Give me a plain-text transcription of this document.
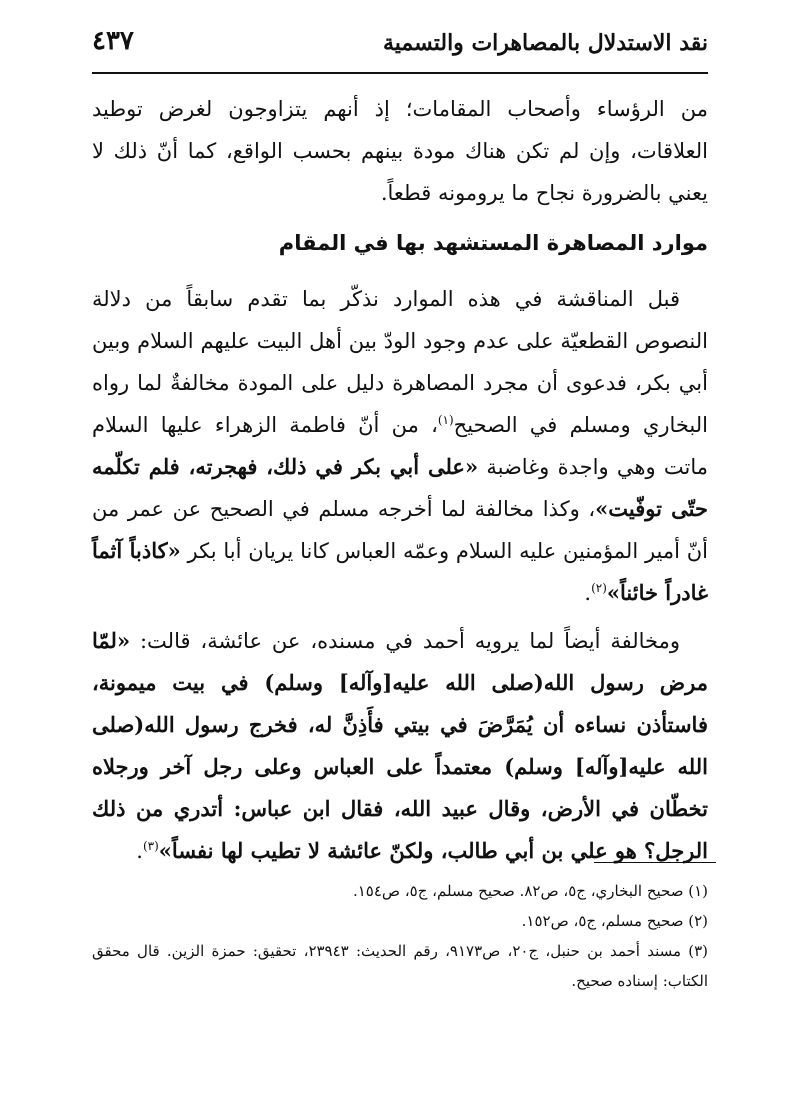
نقد الاستدلال بالمصاهرات والتسمية
٤٣٧

من الرؤساء وأصحاب المقامات؛ إذ أنهم يتزاوجون لغرض توطيد العلاقات، وإن لم تكن هناك مودة بينهم بحسب الواقع، كما أنّ ذلك لا يعني بالضرورة نجاح ما يرومونه قطعاً.

موارد المصاهرة المستشهد بها في المقام

قبل المناقشة في هذه الموارد نذكّر بما تقدم سابقاً من دلالة النصوص القطعيّة على عدم وجود الودّ بين أهل البيت عليهم السلام وبين أبي بكر، فدعوى أن مجرد المصاهرة دليل على المودة مخالفةٌ لما رواه البخاري ومسلم في الصحيح$^{(١)}$، من أنّ فاطمة الزهراء عليها السلام ماتت وهي واجدة وغاضبة «على أبي بكر في ذلك، فهجرته، فلم تكلّمه حتّى توفّيت»، وكذا مخالفة لما أخرجه مسلم في الصحيح عن عمر من أنّ أمير المؤمنين عليه السلام وعمّه العباس كانا يريان أبا بكر «كاذباً آثماً غادراً خائناً»$^{(٢)}$.

ومخالفة أيضاً لما يرويه أحمد في مسنده، عن عائشة، قالت: «لمّا مرض رسول الله(صلى الله عليه[وآله] وسلم) في بيت ميمونة، فاستأذن نساءه أن يُمَرَّضَ في بيتي فأَذِنَّ له، فخرج رسول الله(صلى الله عليه[وآله] وسلم) معتمداً على العباس وعلى رجل آخر ورجلاه تخطّان في الأرض، وقال عبيد الله، فقال ابن عباس: أتدري من ذلك الرجل؟ هو علي بن أبي طالب، ولكنّ عائشة لا تطيب لها نفساً»$^{(٣)}$.

(١) صحيح البخاري، ج٥، ص٨٢. صحيح مسلم، ج٥، ص١٥٤.
(٢) صحيح مسلم، ج٥، ص١٥٢.
(٣) مسند أحمد بن حنبل، ج٢٠، ص٩١٧٣، رقم الحديث: ٢٣٩٤٣، تحقيق: حمزة الزين. قال محقق الكتاب: إسناده صحيح.
